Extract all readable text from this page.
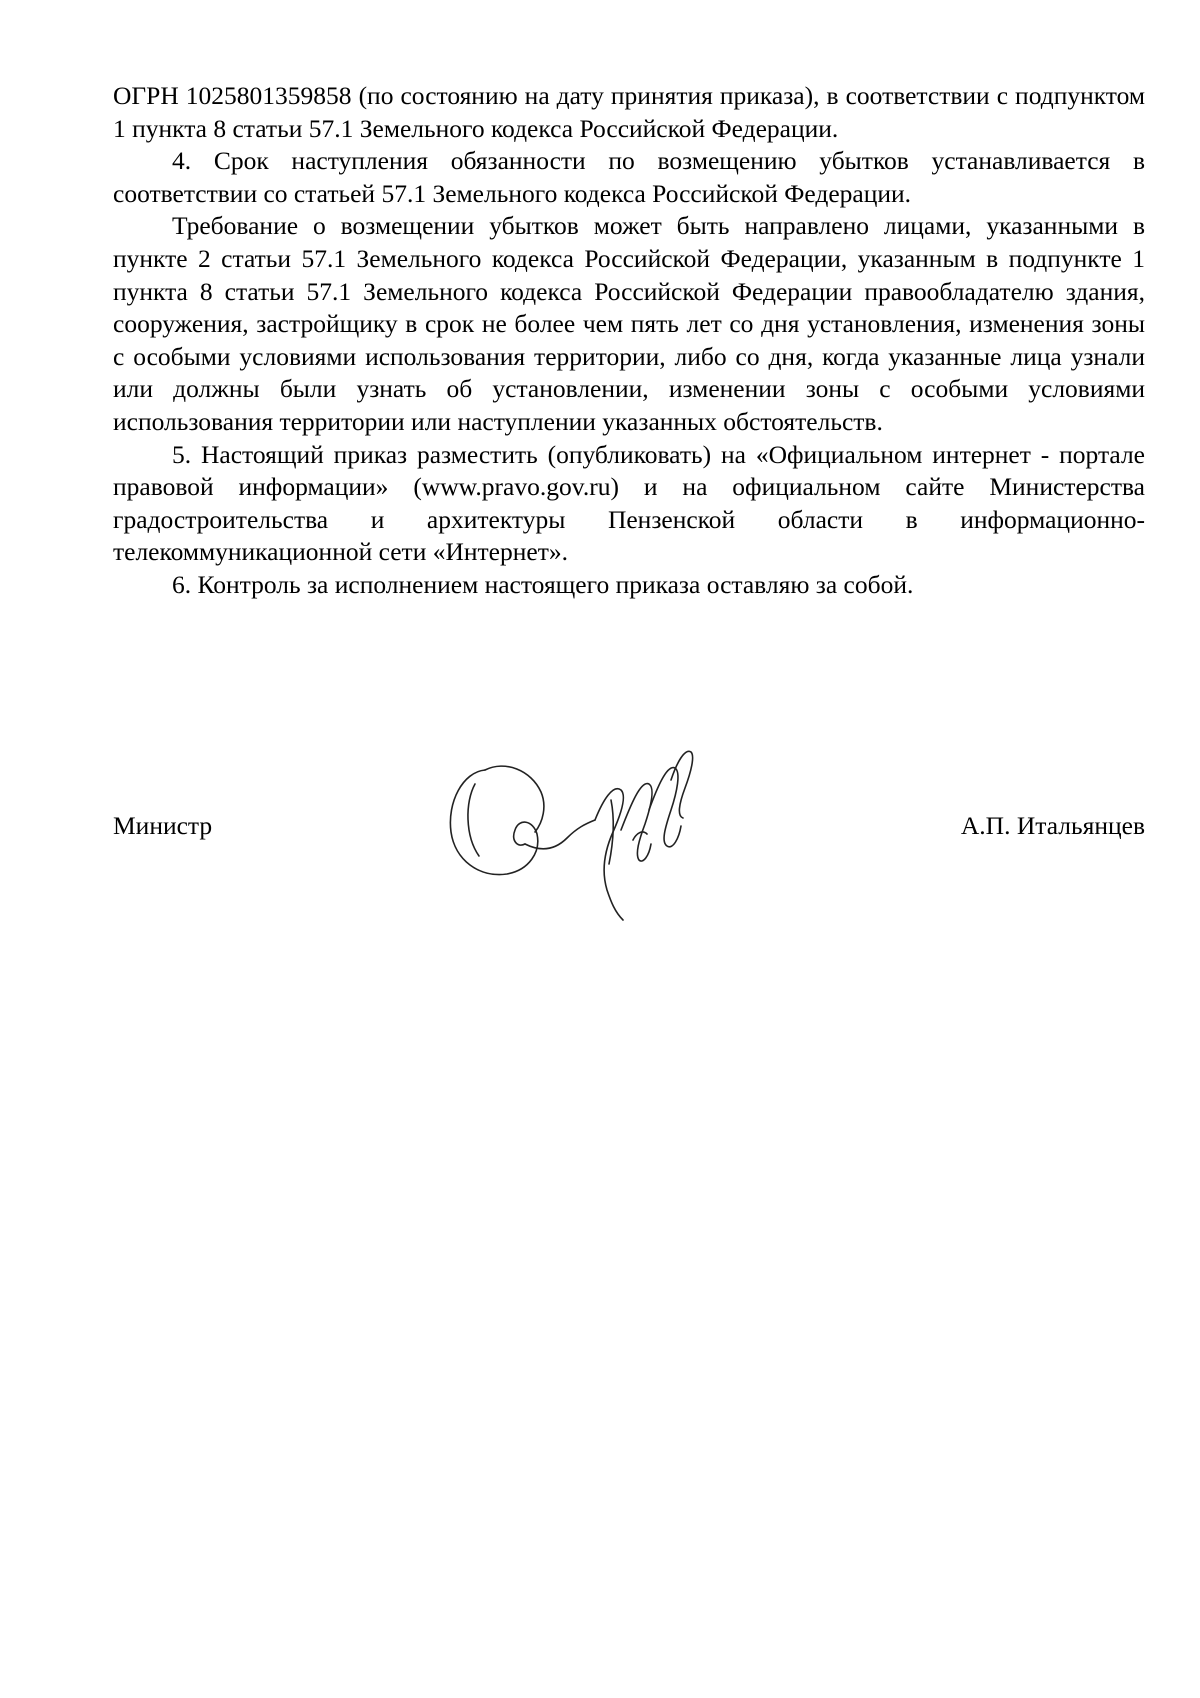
ОГРН 1025801359858 (по состоянию на дату принятия приказа), в соответствии с подпунктом 1 пункта 8 статьи 57.1 Земельного кодекса Российской Федерации.

4. Срок наступления обязанности по возмещению убытков устанавливается в соответствии со статьей 57.1 Земельного кодекса Российской Федерации.

Требование о возмещении убытков может быть направлено лицами, указанными в пункте 2 статьи 57.1 Земельного кодекса Российской Федерации, указанным в подпункте 1 пункта 8 статьи 57.1 Земельного кодекса Российской Федерации правообладателю здания, сооружения, застройщику в срок не более чем пять лет со дня установления, изменения зоны с особыми условиями использования территории, либо со дня, когда указанные лица узнали или должны были узнать об установлении, изменении зоны с особыми условиями использования территории или наступлении указанных обстоятельств.

5. Настоящий приказ разместить (опубликовать) на «Официальном интернет - портале правовой информации» (www.pravo.gov.ru) и на официальном сайте Министерства градостроительства и архитектуры Пензенской области в информационно-телекоммуникационной сети «Интернет».

6. Контроль за исполнением настоящего приказа оставляю за собой.

Министр	А.П. Итальянцев
